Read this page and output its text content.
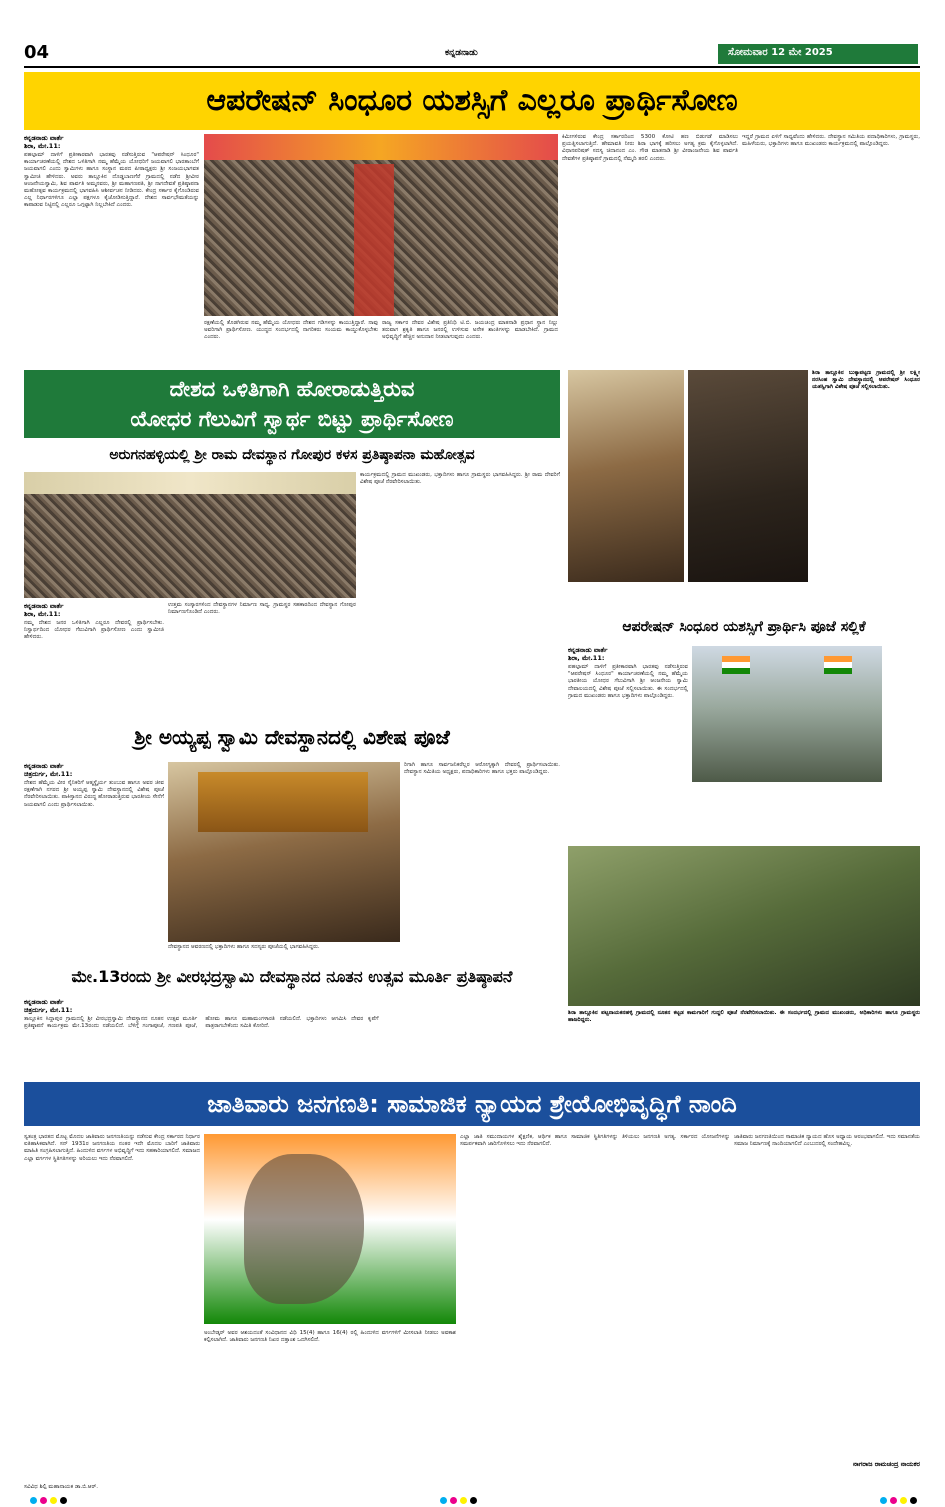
04	ಕನ್ನಡನಾಡು	ಸೋಮವಾರ 12 ಮೇ 2025
ಆಪರೇಷನ್ ಸಿಂಧೂರ ಯಶಸ್ಸಿಗೆ ಎಲ್ಲರೂ ಪ್ರಾರ್ಥಿಸೋಣ
ಕನ್ನಡನಾಡು ವಾರ್ತೆ
ಶಿರಾ, ಮೇ.11:
ಪಹಲ್ಗಾಮ್ ದಾಳಿಗೆ ಪ್ರತೀಕಾರವಾಗಿ ಭಾರತವು ನಡೆಸುತ್ತಿರುವ "ಆಪರೇಷನ್ ಸಿಂಧೂರ" ಕಾರ್ಯಾಚರಣೆಯಲ್ಲಿ ದೇಶದ ಒಳಿತಿಗಾಗಿ ನಮ್ಮ ಹೆಮ್ಮೆಯ ಯೋಧರಿಗೆ ಜಯವಾಗಲಿ ಭಾರತಾಂಬೆಗೆ ಜಯವಾಗಲಿ ಎಂದು ಸ್ವಾಮಿಗಳು ಹಾಗೂ ಸಂಸ್ಥಾನ ಮಠದ ಪೀಠಾಧ್ಯಕ್ಷರು ಶ್ರೀ ಸಂಜಯಭಾಗವತ ಸ್ವಾಮೀಜಿ ಹೇಳಿದರು. ಅವರು ತಾಲ್ಲೂಕಿನ ದೊಡ್ಡಬಾಣಗೆರೆ ಗ್ರಾಮದಲ್ಲಿ ನಡೆದ ಶ್ರೀವೀರ ಆಂಜನೇಯಸ್ವಾಮಿ, ಶಿವ ಪಾರ್ವತಿ ಅಮ್ಮನವರು, ಶ್ರೀ ಮಹಾಗಣಪತಿ, ಶ್ರೀ ನಾಗದೇವತೆ ಪ್ರತಿಷ್ಠಾಪನಾ ಮಹೋತ್ಸವ ಕಾರ್ಯಕ್ರಮದಲ್ಲಿ ಭಾಗವಹಿಸಿ ಆಶೀರ್ವಚನ ನೀಡಿದರು. ಕೇಂದ್ರ ಸರ್ಕಾರ ಕೈಗೊಂಡಿರುವ ಎಲ್ಲ ನಿರ್ಧಾರಗಳಿಗೂ ಎಲ್ಲಾ ಪಕ್ಷಗಳೂ ಕೈಜೋಡಿಸುತ್ತಿದ್ದಾರೆ. ದೇಶದ ಸಾರ್ವಭೌಮತೆಯನ್ನು ಕಾಪಾಡುವ ನಿಟ್ಟಿನಲ್ಲಿ ಎಲ್ಲರೂ ಒಗ್ಗಟ್ಟಾಗಿ ನಿಲ್ಲಬೇಕಿದೆ ಎಂದರು.
ರಕ್ಷಣೆಯಲ್ಲಿ ತೊಡಗಿರುವ ನಮ್ಮ ಹೆಮ್ಮೆಯ ಯೋಧರು ದೇಶದ ಗಡಿಗಳನ್ನು ಕಾಯುತ್ತಿದ್ದಾರೆ. ನಾವು ಅವರಿಗಾಗಿ ಪ್ರಾರ್ಥಿಸೋಣ. ಯುದ್ಧದ ಸಂದರ್ಭದಲ್ಲಿ ನಾಗರಿಕರು ಸಂಯಮ ಕಾಯ್ದುಕೊಳ್ಳಬೇಕು ಎಂದರು.
ರಾಜ್ಯ ಸರ್ಕಾರ ದೇವರ ವಿಶೇಷ ಪ್ರತಿನಿಧಿ ಟಿ.ಬಿ. ಜಯಚಂದ್ರ ಮಾತನಾಡಿ ಪ್ರಧಾನ ಸ್ಥಾನ ನಿಲ್ಲು ತರುವಾಗ ಶ್ರಕೃತಿ ಹಾಗೂ ಜನರಲ್ಲಿ ಉಳಿಸುವ ಅನೇಕ ಶಾಂತಿಗಳನ್ನು ಮಾಡಬೇಕಿದೆ. ಗ್ರಾಮದ ಅಭಿವೃದ್ಧಿಗೆ ಹೆಚ್ಚಿನ ಅನುದಾನ ನೀಡಲಾಗುವುದು ಎಂದರು.
ಕಿಮೀಗಳಿರುವ ಕೇಂದ್ರ ಸರ್ಕಾರದಿಂದ 5300 ಕೋಟಿ ಹಣ ಬಿಡುಗಡೆ ಮಾಡಿಸಲು ಪ್ರಯತ್ನಿಸಲಾಗುತ್ತಿದೆ. ಹೇಮಾವತಿ ನೀರು ಶಿರಾ ಭಾಗಕ್ಕೆ ಹರಿಸಲು ಅಗತ್ಯ ಕ್ರಮ ಕೈಗೊಳ್ಳಲಾಗಿದೆ. ವಿಧಾನಪರಿಷತ್ ಸದಸ್ಯ ಚಿದಾನಂದ ಎಂ. ಗೌಡ ಮಾತನಾಡಿ ಶ್ರೀ ವೀರಾಂಜನೇಯ ಶಿವ ಪಾರ್ವತಿ ದೇವತೆಗಳ ಪ್ರತಿಷ್ಠಾಪನೆ ಗ್ರಾಮದಲ್ಲಿ ನೆಮ್ಮದಿ ತರಲಿ ಎಂದರು.
ಇದ್ದರೆ ಗ್ರಾಮದ ಏಳಿಗೆ ಸಾಧ್ಯವೆಂದು ಹೇಳಿದರು. ದೇವಸ್ಥಾನ ಸಮಿತಿಯ ಪದಾಧಿಕಾರಿಗಳು, ಗ್ರಾಮಸ್ಥರು, ಮಹಿಳೆಯರು, ಭಕ್ತಾದಿಗಳು ಹಾಗೂ ಮುಖಂಡರು ಕಾರ್ಯಕ್ರಮದಲ್ಲಿ ಪಾಲ್ಗೊಂಡಿದ್ದರು.
ದೇಶದ ಒಳಿತಿಗಾಗಿ ಹೋರಾಡುತ್ತಿರುವ
ಯೋಧರ ಗೆಲುವಿಗೆ ಸ್ವಾರ್ಥ ಬಿಟ್ಟು ಪ್ರಾರ್ಥಿಸೋಣ
ಅರುಗನಹಳ್ಳಿಯಲ್ಲಿ ಶ್ರೀ ರಾಮ ದೇವಸ್ಥಾನ ಗೋಪುರ ಕಳಸ ಪ್ರತಿಷ್ಠಾಪನಾ ಮಹೋತ್ಸವ
ಕಾರ್ಯಕ್ರಮದಲ್ಲಿ ಗ್ರಾಮದ ಮುಖಂಡರು, ಭಕ್ತಾದಿಗಳು ಹಾಗೂ ಗ್ರಾಮಸ್ಥರು ಭಾಗವಹಿಸಿದ್ದರು. ಶ್ರೀ ರಾಮ ದೇವರಿಗೆ ವಿಶೇಷ ಪೂಜೆ ನೆರವೇರಿಸಲಾಯಿತು.
ಕನ್ನಡನಾಡು ವಾರ್ತೆ
ಶಿರಾ, ಮೇ.11:
ನಮ್ಮ ದೇಶದ ಜನರ ಒಳಿತಿಗಾಗಿ ಎಲ್ಲರೂ ದೇವರಲ್ಲಿ ಪ್ರಾರ್ಥಿಸಬೇಕು. ನಿಸ್ವಾರ್ಥದಿಂದ ಯೋಧರ ಗೆಲುವಿಗಾಗಿ ಪ್ರಾರ್ಥಿಸೋಣ ಎಂದು ಸ್ವಾಮೀಜಿ ಹೇಳಿದರು.
ಉತ್ತಮ ಸಂಸ್ಕಾರಗಳಿಂದ ದೇವಸ್ಥಾನಗಳ ನಿರ್ಮಾಣ ಸಾಧ್ಯ. ಗ್ರಾಮಸ್ಥರ ಸಹಕಾರದಿಂದ ದೇವಸ್ಥಾನ ಗೋಪುರ ನಿರ್ಮಾಣಗೊಂಡಿದೆ ಎಂದರು.
ಶಿರಾ ತಾಲ್ಲೂಕಿನ ಬುಕ್ಕಾಪಟ್ಟಣ ಗ್ರಾಮದಲ್ಲಿ ಶ್ರೀ ಲಕ್ಷ್ಮೀ ನರಸಿಂಹ ಸ್ವಾಮಿ ದೇವಸ್ಥಾನದಲ್ಲಿ ಆಪರೇಷನ್ ಸಿಂಧೂರ ಯಶಸ್ವಿಗಾಗಿ ವಿಶೇಷ ಪೂಜೆ ಸಲ್ಲಿಸಲಾಯಿತು.
ಆಪರೇಷನ್ ಸಿಂಧೂರ ಯಶಸ್ಸಿಗೆ ಪ್ರಾರ್ಥಿಸಿ ಪೂಜೆ ಸಲ್ಲಿಕೆ
ಕನ್ನಡನಾಡು ವಾರ್ತೆ
ಶಿರಾ, ಮೇ.11:
ಪಹಲ್ಗಾಮ್ ದಾಳಿಗೆ ಪ್ರತೀಕಾರವಾಗಿ ಭಾರತವು ನಡೆಸುತ್ತಿರುವ "ಆಪರೇಷನ್ ಸಿಂಧೂರ" ಕಾರ್ಯಾಚರಣೆಯಲ್ಲಿ ನಮ್ಮ ಹೆಮ್ಮೆಯ ಭಾರತೀಯ ಯೋಧರ ಗೆಲುವಿಗಾಗಿ ಶ್ರೀ ಆಂಜನೇಯ ಸ್ವಾಮಿ ದೇವಾಲಯದಲ್ಲಿ ವಿಶೇಷ ಪೂಜೆ ಸಲ್ಲಿಸಲಾಯಿತು. ಈ ಸಂದರ್ಭದಲ್ಲಿ ಗ್ರಾಮದ ಮುಖಂಡರು ಹಾಗೂ ಭಕ್ತಾದಿಗಳು ಪಾಲ್ಗೊಂಡಿದ್ದರು.
ಶ್ರೀ ಅಯ್ಯಪ್ಪ ಸ್ವಾಮಿ ದೇವಸ್ಥಾನದಲ್ಲಿ ವಿಶೇಷ ಪೂಜೆ
ಕನ್ನಡನಾಡು ವಾರ್ತೆ
ಚಿತ್ರದುರ್ಗ, ಮೇ.11:
ದೇಶದ ಹೆಮ್ಮೆಯ ವೀರ ಸೈನಿಕರಿಗೆ ಆತ್ಮಸ್ಥೈರ್ಯ ತುಂಬುವ ಹಾಗೂ ಅವರ ಜೀವ ರಕ್ಷಣೆಗಾಗಿ ನಗರದ ಶ್ರೀ ಅಯ್ಯಪ್ಪ ಸ್ವಾಮಿ ದೇವಸ್ಥಾನದಲ್ಲಿ ವಿಶೇಷ ಪೂಜೆ ನೆರವೇರಿಸಲಾಯಿತು. ಪಾಕಿಸ್ತಾನದ ವಿರುದ್ಧ ಹೋರಾಡುತ್ತಿರುವ ಭಾರತೀಯ ಸೇನೆಗೆ ಜಯವಾಗಲಿ ಎಂದು ಪ್ರಾರ್ಥಿಸಲಾಯಿತು.
ದೇವಸ್ಥಾನದ ಆವರಣದಲ್ಲಿ ಭಕ್ತಾದಿಗಳು ಹಾಗೂ ಸದಸ್ಯರು ಪೂಜೆಯಲ್ಲಿ ಭಾಗವಹಿಸಿದ್ದರು.
ರಿಗಾಗಿ ಹಾಗೂ ಸಾರ್ವಜನಿಕರೆಲ್ಲರ ಆರೋಗ್ಯಕ್ಕಾಗಿ ದೇವರಲ್ಲಿ ಪ್ರಾರ್ಥಿಸಲಾಯಿತು. ದೇವಸ್ಥಾನ ಸಮಿತಿಯ ಅಧ್ಯಕ್ಷರು, ಪದಾಧಿಕಾರಿಗಳು ಹಾಗೂ ಭಕ್ತರು ಪಾಲ್ಗೊಂಡಿದ್ದರು.
ಮೇ.13ರಂದು ಶ್ರೀ ವೀರಭದ್ರಸ್ವಾಮಿ ದೇವಸ್ಥಾನದ ನೂತನ ಉತ್ಸವ ಮೂರ್ತಿ ಪ್ರತಿಷ್ಠಾಪನೆ
ಕನ್ನಡನಾಡು ವಾರ್ತೆ
ಚಿತ್ರದುರ್ಗ, ಮೇ.11:
ತಾಲ್ಲೂಕಿನ ಸಿದ್ದಾಪುರ ಗ್ರಾಮದಲ್ಲಿ ಶ್ರೀ ವೀರಭದ್ರಸ್ವಾಮಿ ದೇವಸ್ಥಾನದ ನೂತನ ಉತ್ಸವ ಮೂರ್ತಿ ಪ್ರತಿಷ್ಠಾಪನೆ ಕಾರ್ಯಕ್ರಮ ಮೇ.13ರಂದು ನಡೆಯಲಿದೆ. ಬೆಳಿಗ್ಗೆ ಗಂಗಾಪೂಜೆ, ಗಣಪತಿ ಪೂಜೆ, ಹೋಮ ಹಾಗೂ ಮಹಾಮಂಗಳಾರತಿ ನಡೆಯಲಿದೆ. ಭಕ್ತಾದಿಗಳು ಆಗಮಿಸಿ ದೇವರ ಕೃಪೆಗೆ ಪಾತ್ರರಾಗಬೇಕೆಂದು ಸಮಿತಿ ಕೋರಿದೆ.
ಶಿರಾ ತಾಲ್ಲೂಕಿನ ಪಟ್ಟನಾಯಕನಹಳ್ಳಿ ಗ್ರಾಮದಲ್ಲಿ ನೂತನ ಕಟ್ಟಡ ಕಾಮಗಾರಿಗೆ ಗುದ್ದಲಿ ಪೂಜೆ ನೆರವೇರಿಸಲಾಯಿತು. ಈ ಸಂದರ್ಭದಲ್ಲಿ ಗ್ರಾಮದ ಮುಖಂಡರು, ಅಧಿಕಾರಿಗಳು ಹಾಗೂ ಗ್ರಾಮಸ್ಥರು ಹಾಜರಿದ್ದರು.
ಜಾತಿವಾರು ಜನಗಣತಿ: ಸಾಮಾಜಿಕ ನ್ಯಾಯದ ಶ್ರೇಯೋಭಿವೃದ್ಧಿಗೆ ನಾಂದಿ
ಸ್ವತಂತ್ರ ಭಾರತದ ಮೊಟ್ಟ ಮೊದಲ ಜಾತಿವಾರು ಜನಗಣತಿಯನ್ನು ನಡೆಸುವ ಕೇಂದ್ರ ಸರ್ಕಾರದ ನಿರ್ಧಾರ ಐತಿಹಾಸಿಕವಾಗಿದೆ. ಸನ್ 1931ರ ಜನಗಣತಿಯ ನಂತರ ಇದೇ ಮೊದಲ ಬಾರಿಗೆ ಜಾತಿವಾರು ಮಾಹಿತಿ ಸಂಗ್ರಹಿಸಲಾಗುತ್ತಿದೆ. ಹಿಂದುಳಿದ ವರ್ಗಗಳ ಅಭಿವೃದ್ಧಿಗೆ ಇದು ಸಹಕಾರಿಯಾಗಲಿದೆ. ಸಮಾಜದ ಎಲ್ಲಾ ವರ್ಗಗಳ ಸ್ಥಿತಿಗತಿಗಳನ್ನು ಅರಿಯಲು ಇದು ನೆರವಾಗಲಿದೆ.
ಅಂಬೇಡ್ಕರ್ ಅವರ ಆಶಯದಂತೆ ಸಂವಿಧಾನದ ವಿಧಿ 15(4) ಹಾಗೂ 16(4) ರಲ್ಲಿ ಹಿಂದುಳಿದ ವರ್ಗಗಳಿಗೆ ಮೀಸಲಾತಿ ನೀಡಲು ಅವಕಾಶ ಕಲ್ಪಿಸಲಾಗಿದೆ. ಜಾತಿವಾರು ಜನಗಣತಿ ನಿಖರ ದತ್ತಾಂಶ ಒದಗಿಸಲಿದೆ.
ಎಲ್ಲಾ ಜಾತಿ ಸಮುದಾಯಗಳ ಶೈಕ್ಷಣಿಕ, ಆರ್ಥಿಕ ಹಾಗೂ ಸಾಮಾಜಿಕ ಸ್ಥಿತಿಗತಿಗಳನ್ನು ತಿಳಿಯಲು ಜನಗಣತಿ ಅಗತ್ಯ. ಸರ್ಕಾರದ ಯೋಜನೆಗಳನ್ನು ಸಮರ್ಪಕವಾಗಿ ಜಾರಿಗೊಳಿಸಲು ಇದು ನೆರವಾಗಲಿದೆ.
ಜಾತಿವಾರು ಜನಗಣತಿಯಿಂದ ಸಾಮಾಜಿಕ ನ್ಯಾಯದ ಹೊಸ ಅಧ್ಯಾಯ ಆರಂಭವಾಗಲಿದೆ. ಇದು ಸಮಾನತೆಯ ಸಮಾಜ ನಿರ್ಮಾಣಕ್ಕೆ ನಾಂದಿಯಾಗಲಿದೆ ಎಂಬುದರಲ್ಲಿ ಸಂದೇಹವಿಲ್ಲ.
ನಾಗರಾಜ ರಾಮಚಂದ್ರ ನಾಯಕರ
ಸವಿವಿಧ ಶಿಲ್ಪಿ ಮಹಾನಾಯಕ ಡಾ.ಬಿ.ಆರ್.
